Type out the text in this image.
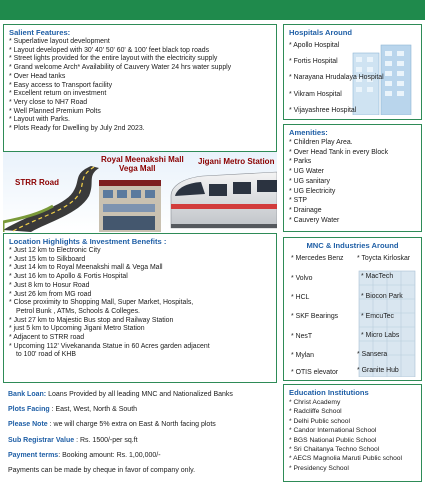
Salient Features:
* Superlative layout development
* Layout developed with 30' 40' 50' 60' & 100' feet black top roads
* Street lights provided for the entire layout with the electricity supply
* Grand welcome Arch* Availability of Cauvery Water 24 hrs water supply
* Over Head tanks
* Easy access to Transport facility
* Excellent return on investment
* Very close to NH7 Road
* Well Planned Premium Polts
* Layout with Parks.
* Plots Ready for Dwelling by July 2nd 2023.
Royal Meenakshi Mall
Vega Mall
Jigani Metro Station
STRR Road
Location Highlights & Investment Benefits :
* Just 12 km to Electronic City
* Just 15 km to Silkboard
* Just 14 km to Royal Meenakshi mall & Vega Mall
* Just 16 km to Apollo & Fortis Hospital
* Just 8 km to Hosur Road
* Just 26 km from MG road
* Close proximity to Shopping Mall, Super Market, Hospitals,
Petrol Bunk , ATMs, Schools & Colleges.
* Just 27 km to Majestic Bus stop and Railway Station
* just 5 km to Upcoming Jigani Metro Station
* Adjacent to STRR road
* Upcoming 112' Vivekananda Statue in 60 Acres garden adjacent
to 100' road of KHB
Bank Loan: Loans Provided by all leading MNC and Nationalized Banks
Plots Facing : East, West, North & South
Please Note : we will charge 5% extra on East & North facing plots
Sub Registrar Value : Rs. 1500/-per sq.ft
Payment terms: Booking amount: Rs. 1,00,000/-
Payments can be made by cheque in favor of company only.
Hospitals Around
* Apollo Hospital
* Fortis Hospital
* Narayana Hrudalaya Hospital
* Vikram Hospital
* Vijayashree Hospital
Amenities:
* Children Play Area.
* Over Head Tank in every Block
* Parks
* UG Water
* UG sanitary
* UG Electricity
* STP
* Drainage
* Cauvery Water
MNC & Industries Around
* Mercedes Benz * Toycta Kirloskar
* Volvo	* MacTech
* HCL	* Biocon Park
* SKF Bearings	* EmcuTec
* NesT	* Micro Labs
* Mylan	* Sansera
* OTIS elevator	* Granite Hub
Education Institutions
* Christ Academy
* Radcliffe School
* Delhi Public school
* Candor International School
* BGS National Public School
* Sri Chaitanya Techno School
* AECS Magnolia Maruti Public school
* Presidency School
